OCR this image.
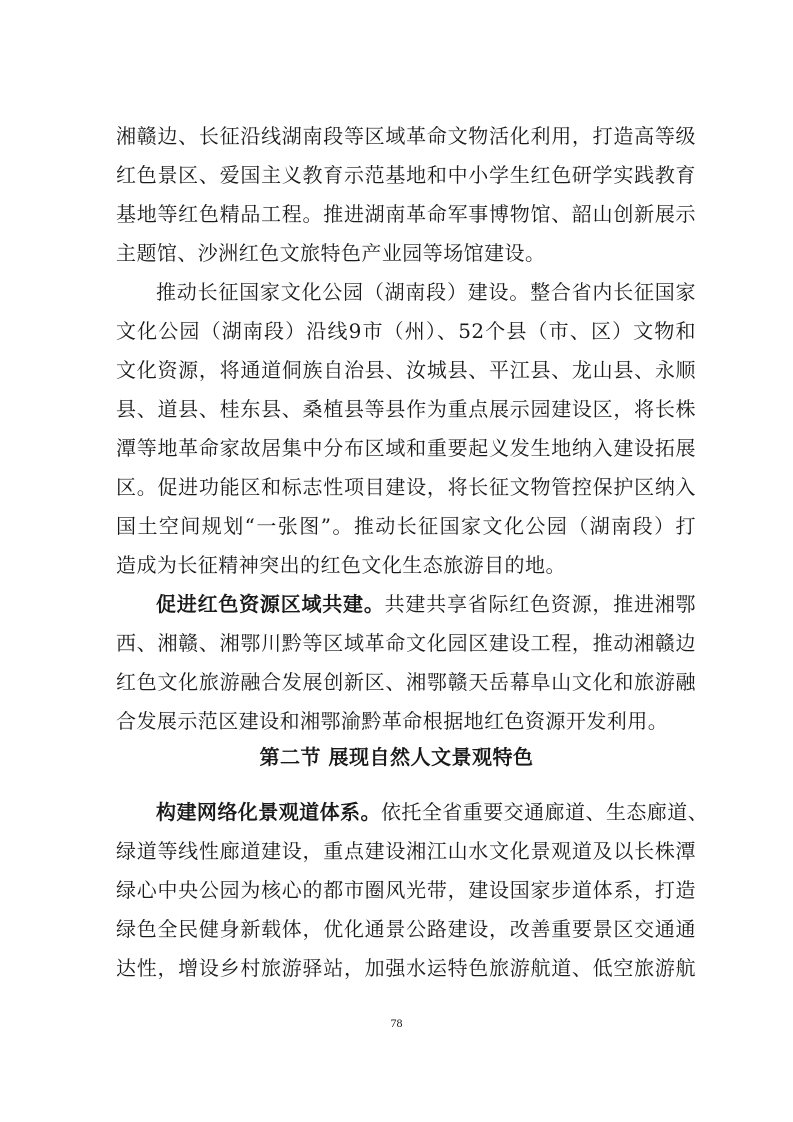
湘赣边、长征沿线湖南段等区域革命文物活化利用，打造高等级
红色景区、爱国主义教育示范基地和中小学生红色研学实践教育
基地等红色精品工程。推进湖南革命军事博物馆、韶山创新展示
主题馆、沙洲红色文旅特色产业园等场馆建设。
推动长征国家文化公园（湖南段）建设。整合省内长征国家
文化公园（湖南段）沿线9市（州）、52个县（市、区）文物和
文化资源，将通道侗族自治县、汝城县、平江县、龙山县、永顺
县、道县、桂东县、桑植县等县作为重点展示园建设区，将长株
潭等地革命家故居集中分布区域和重要起义发生地纳入建设拓展
区。促进功能区和标志性项目建设，将长征文物管控保护区纳入
国土空间规划“一张图”。推动长征国家文化公园（湖南段）打
造成为长征精神突出的红色文化生态旅游目的地。
促进红色资源区域共建。共建共享省际红色资源，推进湘鄂
西、湘赣、湘鄂川黔等区域革命文化园区建设工程，推动湘赣边
红色文化旅游融合发展创新区、湘鄂赣天岳幕阜山文化和旅游融
合发展示范区建设和湘鄂渝黔革命根据地红色资源开发利用。
第二节 展现自然人文景观特色
构建网络化景观道体系。依托全省重要交通廊道、生态廊道、
绿道等线性廊道建设，重点建设湘江山水文化景观道及以长株潭
绿心中央公园为核心的都市圈风光带，建设国家步道体系，打造
绿色全民健身新载体，优化通景公路建设，改善重要景区交通通
达性，增设乡村旅游驿站，加强水运特色旅游航道、低空旅游航
78
